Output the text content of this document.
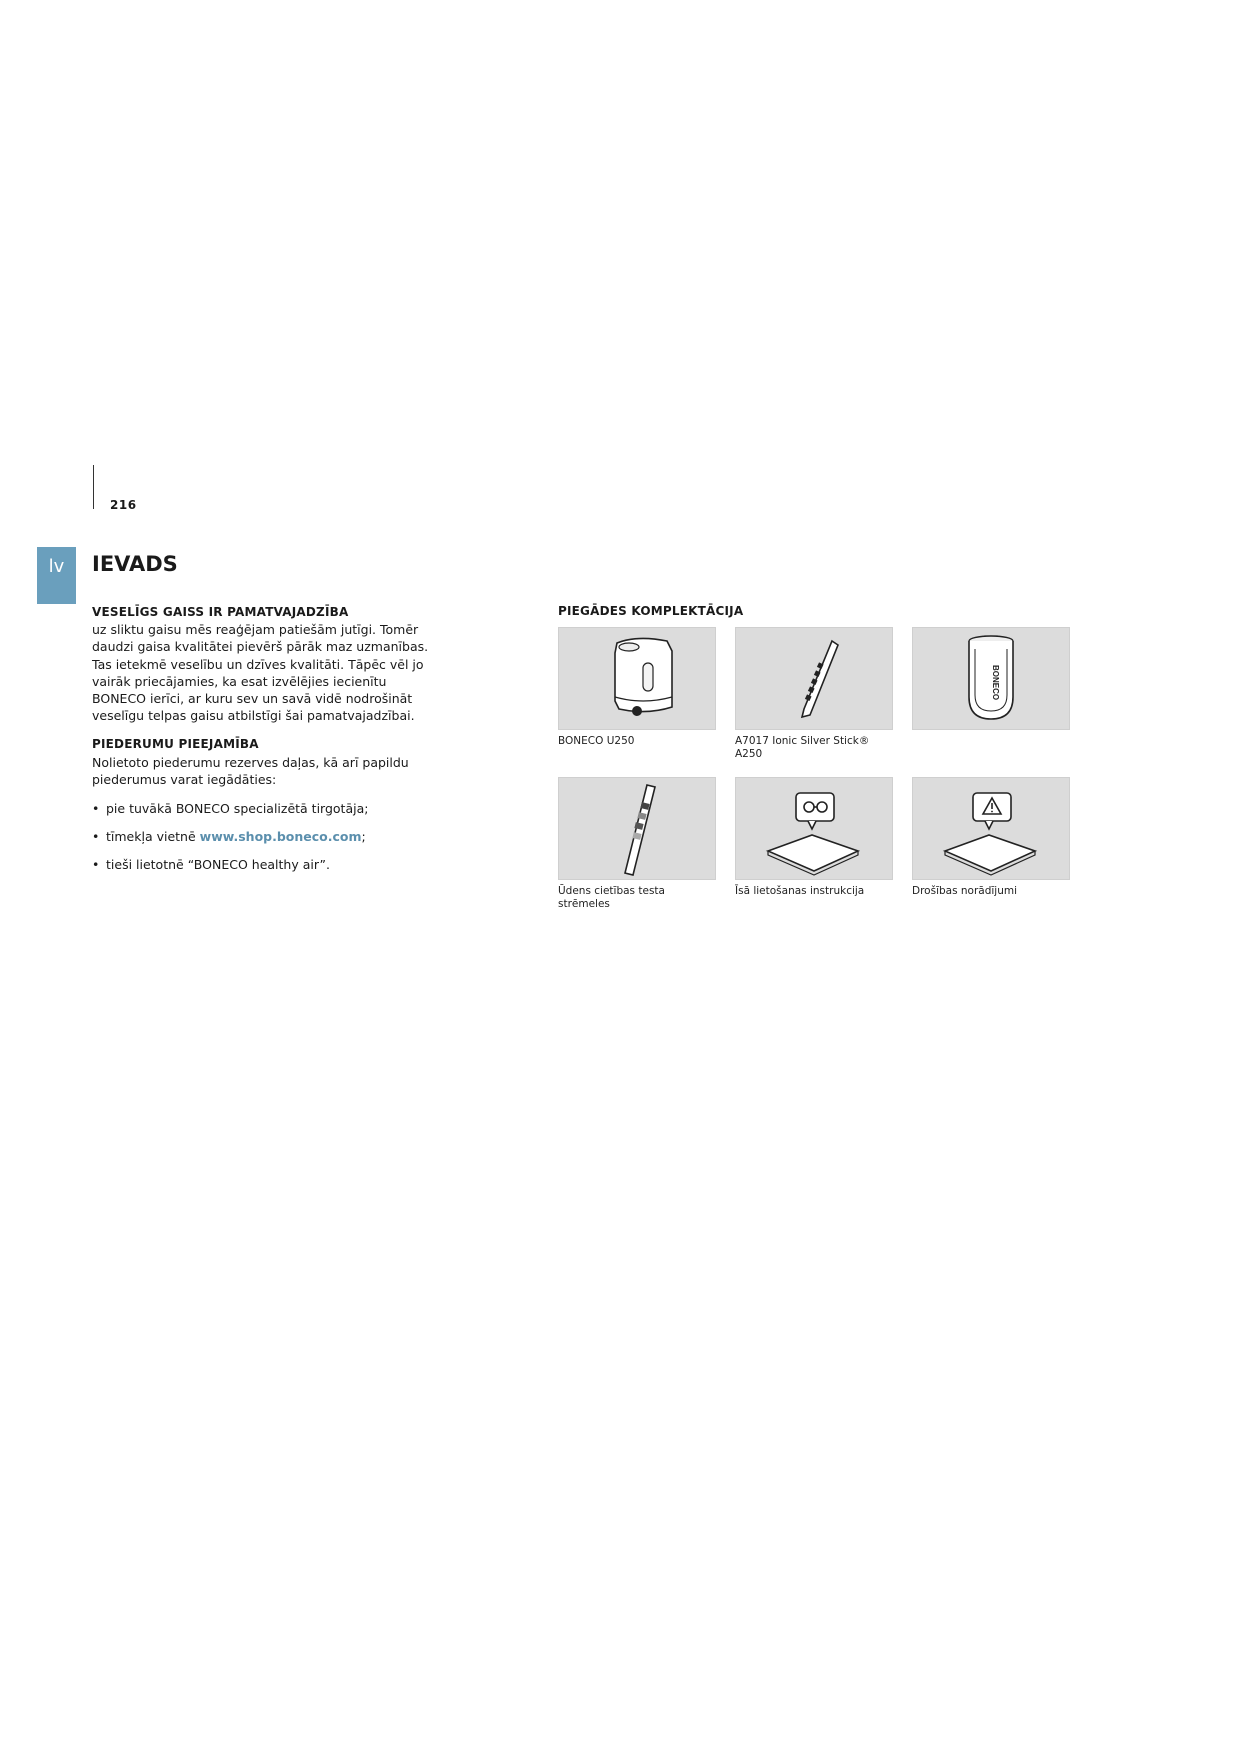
216
lv	IEVADS

VESELĪGS GAISS IR PAMATVAJADZĪBA

uz sliktu gaisu mēs reaģējam patiešām jutīgi. Tomēr daudzi gaisa kvalitātei pievērš pārāk maz uzmanības. Tas ietekmē veselību un dzīves kvalitāti. Tāpēc vēl jo vairāk priecājamies, ka esat izvēlējies iecienītu BONECO ierīci, ar kuru sev un savā vidē nodrošināt veselīgu telpas gaisu atbilstīgi šai pamatvajadzībai.

PIEDERUMU PIEEJAMĪBA

Nolietoto piederumu rezerves daļas, kā arī papildu piederumus varat iegādāties:

• pie tuvākā BONECO specializētā tirgotāja;
• tīmekļa vietnē www.shop.boneco.com;
• tieši lietotnē “BONECO healthy air”.
PIEGĀDES KOMPLEKTĀCIJA
BONECO U250	A7017 Ionic Silver Stick® A250
BONECO
Ūdens cietības testa strēmeles
Īsā lietošanas instrukcija	Drošības norādījumi
